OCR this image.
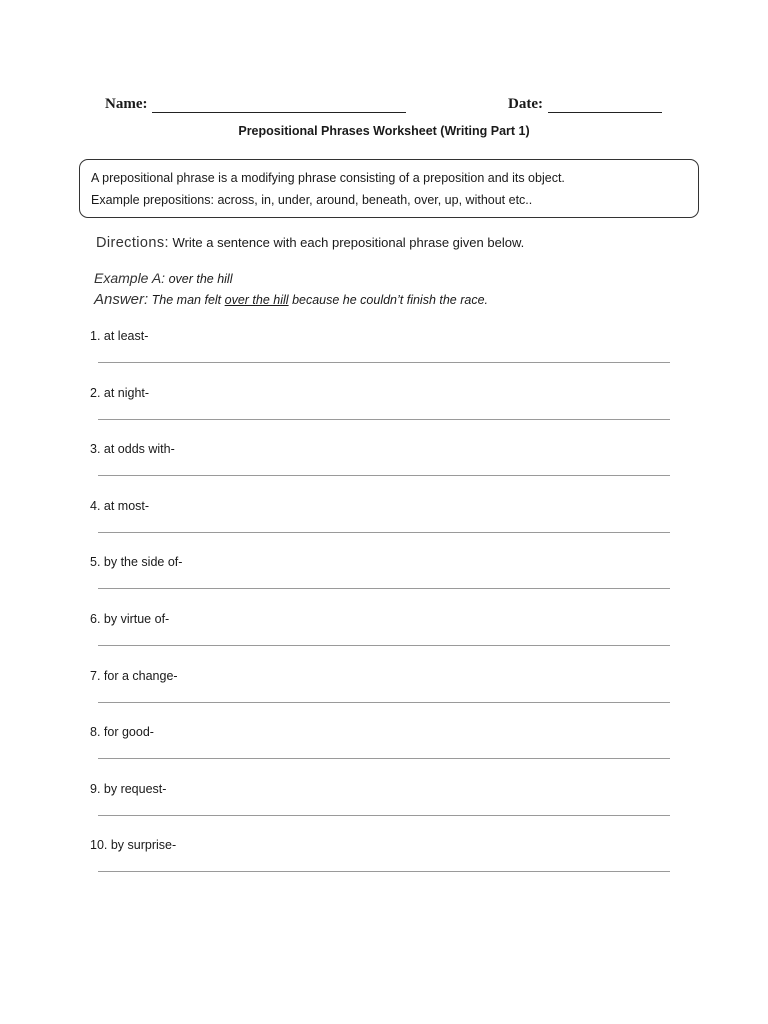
Name:	Date:
Prepositional Phrases Worksheet (Writing Part 1)
A prepositional phrase is a modifying phrase consisting of a preposition and its object.
Example prepositions: across, in, under, around, beneath, over, up, without etc..
Directions: Write a sentence with each prepositional phrase given below.
Example A: over the hill
Answer: The man felt over the hill because he couldn’t finish the race.
1. at least-
2. at night-
3. at odds with-
4. at most-
5. by the side of-
6. by virtue of-
7. for a change-
8. for good-
9. by request-
10. by surprise-
